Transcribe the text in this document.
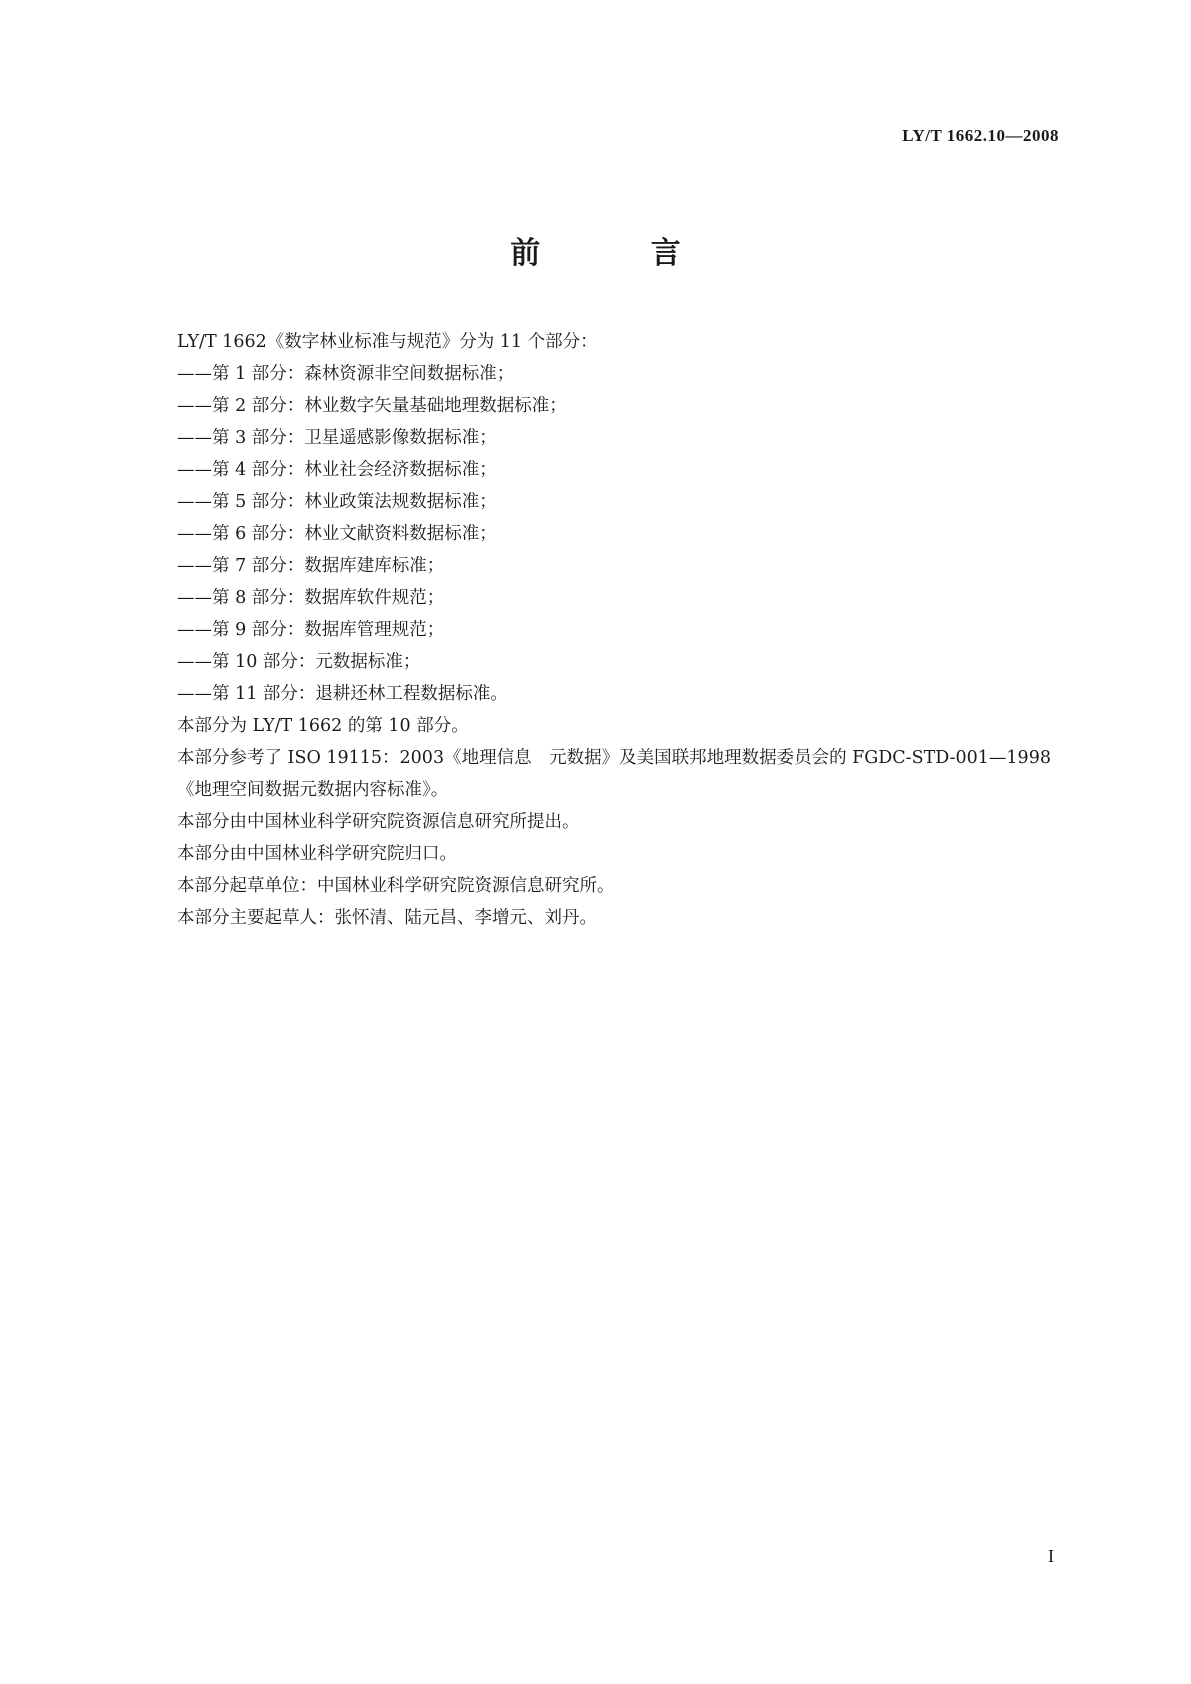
LY/T 1662.10—2008
前 言
LY/T 1662《数字林业标准与规范》分为 11 个部分：
——第 1 部分：森林资源非空间数据标准；
——第 2 部分：林业数字矢量基础地理数据标准；
——第 3 部分：卫星遥感影像数据标准；
——第 4 部分：林业社会经济数据标准；
——第 5 部分：林业政策法规数据标准；
——第 6 部分：林业文献资料数据标准；
——第 7 部分：数据库建库标准；
——第 8 部分：数据库软件规范；
——第 9 部分：数据库管理规范；
——第 10 部分：元数据标准；
——第 11 部分：退耕还林工程数据标准。
本部分为 LY/T 1662 的第 10 部分。
本部分参考了 ISO 19115：2003《地理信息　元数据》及美国联邦地理数据委员会的 FGDC-STD-001—1998《地理空间数据元数据内容标准》。
本部分由中国林业科学研究院资源信息研究所提出。
本部分由中国林业科学研究院归口。
本部分起草单位：中国林业科学研究院资源信息研究所。
本部分主要起草人：张怀清、陆元昌、李增元、刘丹。
I
